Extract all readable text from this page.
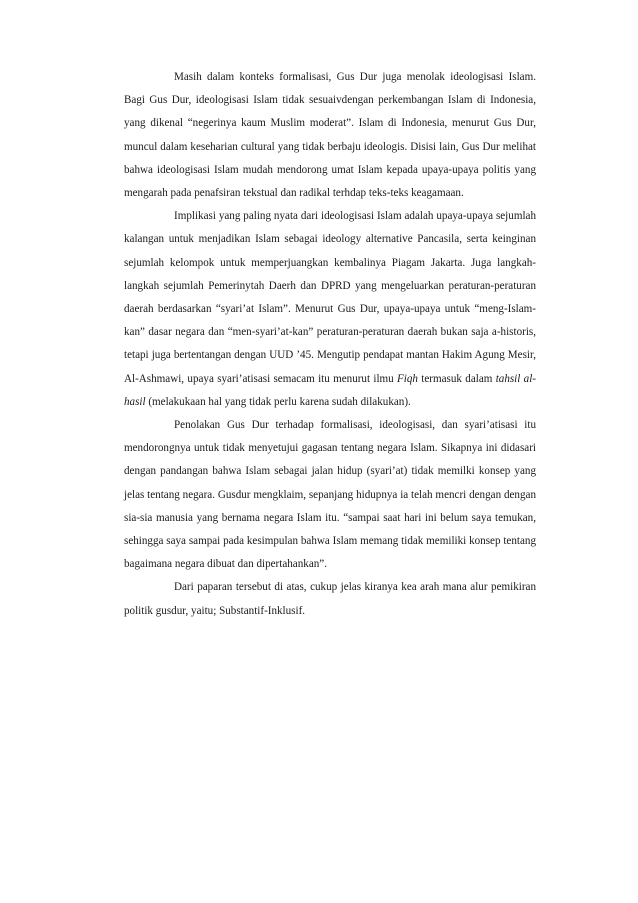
Masih dalam konteks formalisasi, Gus Dur juga menolak ideologisasi Islam. Bagi Gus Dur, ideologisasi Islam tidak sesuaivdengan perkembangan Islam di Indonesia, yang dikenal “negerinya kaum Muslim moderat”. Islam di Indonesia, menurut Gus Dur, muncul dalam keseharian cultural yang tidak berbaju ideologis. Disisi lain, Gus Dur melihat bahwa ideologisasi Islam mudah mendorong umat Islam kepada upaya-upaya politis yang mengarah pada penafsiran tekstual dan radikal terhdap teks-teks keagamaan.

Implikasi yang paling nyata dari ideologisasi Islam adalah upaya-upaya sejumlah kalangan untuk menjadikan Islam sebagai ideology alternative Pancasila, serta keinginan sejumlah kelompok untuk memperjuangkan kembalinya Piagam Jakarta. Juga langkah-langkah sejumlah Pemerinytah Daerh dan DPRD yang mengeluarkan peraturan-peraturan daerah berdasarkan “syari’at Islam”. Menurut Gus Dur, upaya-upaya untuk “meng-Islam-kan” dasar negara dan “men-syari’at-kan” peraturan-peraturan daerah bukan saja a-historis, tetapi juga bertentangan dengan UUD ’45. Mengutip pendapat mantan Hakim Agung Mesir, Al-Ashmawi, upaya syari’atisasi semacam itu menurut ilmu Fiqh termasuk dalam tahsil al-hasil (melakukaan hal yang tidak perlu karena sudah dilakukan).

Penolakan Gus Dur terhadap formalisasi, ideologisasi, dan syari’atisasi itu mendorongnya untuk tidak menyetujui gagasan tentang negara Islam. Sikapnya ini didasari dengan pandangan bahwa Islam sebagai jalan hidup (syari’at) tidak memilki konsep yang jelas tentang negara. Gusdur mengklaim, sepanjang hidupnya ia telah mencri dengan dengan sia-sia manusia yang bernama negara Islam itu. “sampai saat hari ini belum saya temukan, sehingga saya sampai pada kesimpulan bahwa Islam memang tidak memiliki konsep tentang bagaimana negara dibuat dan dipertahankan”.

Dari paparan tersebut di atas, cukup jelas kiranya kea arah mana alur pemikiran politik gusdur, yaitu; Substantif-Inklusif.
